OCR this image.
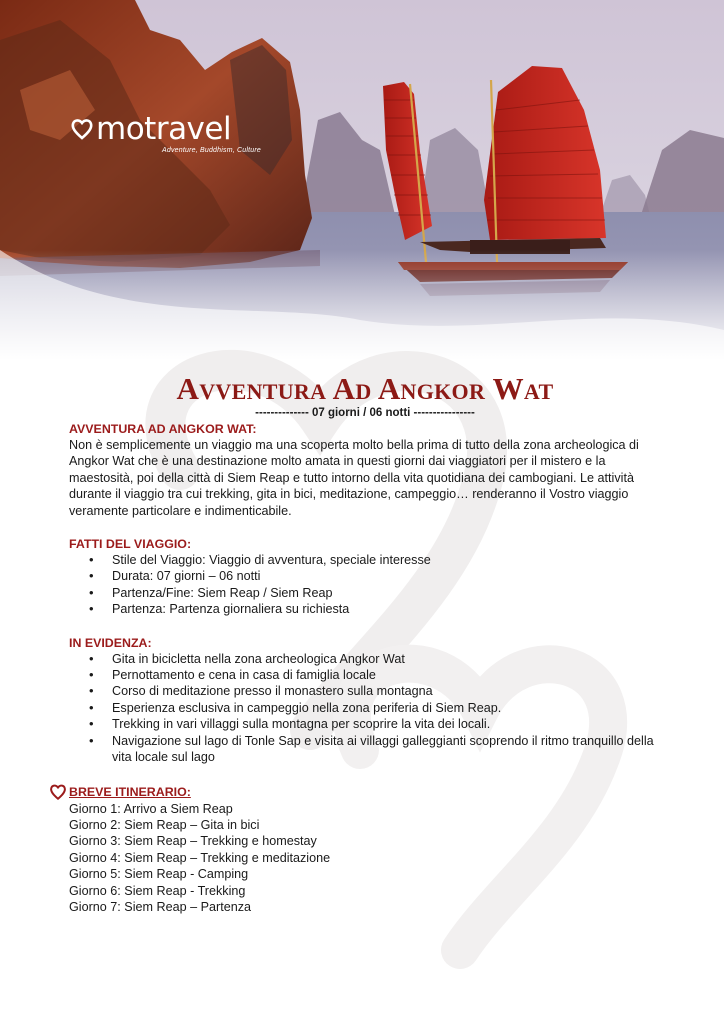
motravel
Adventure, Buddhism, Culture
Avventura Ad Angkor Wat
-------------- 07 giorni / 06 notti ----------------

AVVENTURA AD ANGKOR WAT:

Non è semplicemente un viaggio ma una scoperta molto bella prima di tutto della zona archeologica di
Angkor Wat che è una destinazione molto amata in questi giorni dai viaggiatori per il mistero e la
maestosità, poi della città di Siem Reap e tutto intorno della vita quotidiana dei cambogiani. Le attività
durante il viaggio tra cui trekking, gita in bici, meditazione, campeggio… renderanno il Vostro viaggio
veramente particolare e indimenticabile.

FATTI DEL VIAGGIO:

• Stile del Viaggio: Viaggio di avventura, speciale interesse
• Durata: 07 giorni – 06 notti
• Partenza/Fine: Siem Reap / Siem Reap
• Partenza: Partenza giornaliera su richiesta

IN EVIDENZA:

• Gita in bicicletta nella zona archeologica Angkor Wat
• Pernottamento e cena in casa di famiglia locale
• Corso di meditazione presso il monastero sulla montagna
• Esperienza esclusiva in campeggio nella zona periferia di Siem Reap.
• Trekking in vari villaggi sulla montagna per scoprire la vita dei locali.
• Navigazione sul lago di Tonle Sap e visita ai villaggi galleggianti scoprendo il ritmo tranquillo della
vita locale sul lago
BREVE ITINERARIO:
Giorno 1: Arrivo a Siem Reap
Giorno 2: Siem Reap – Gita in bici
Giorno 3: Siem Reap – Trekking e homestay
Giorno 4: Siem Reap – Trekking e meditazione
Giorno 5: Siem Reap - Camping
Giorno 6: Siem Reap - Trekking
Giorno 7: Siem Reap – Partenza
